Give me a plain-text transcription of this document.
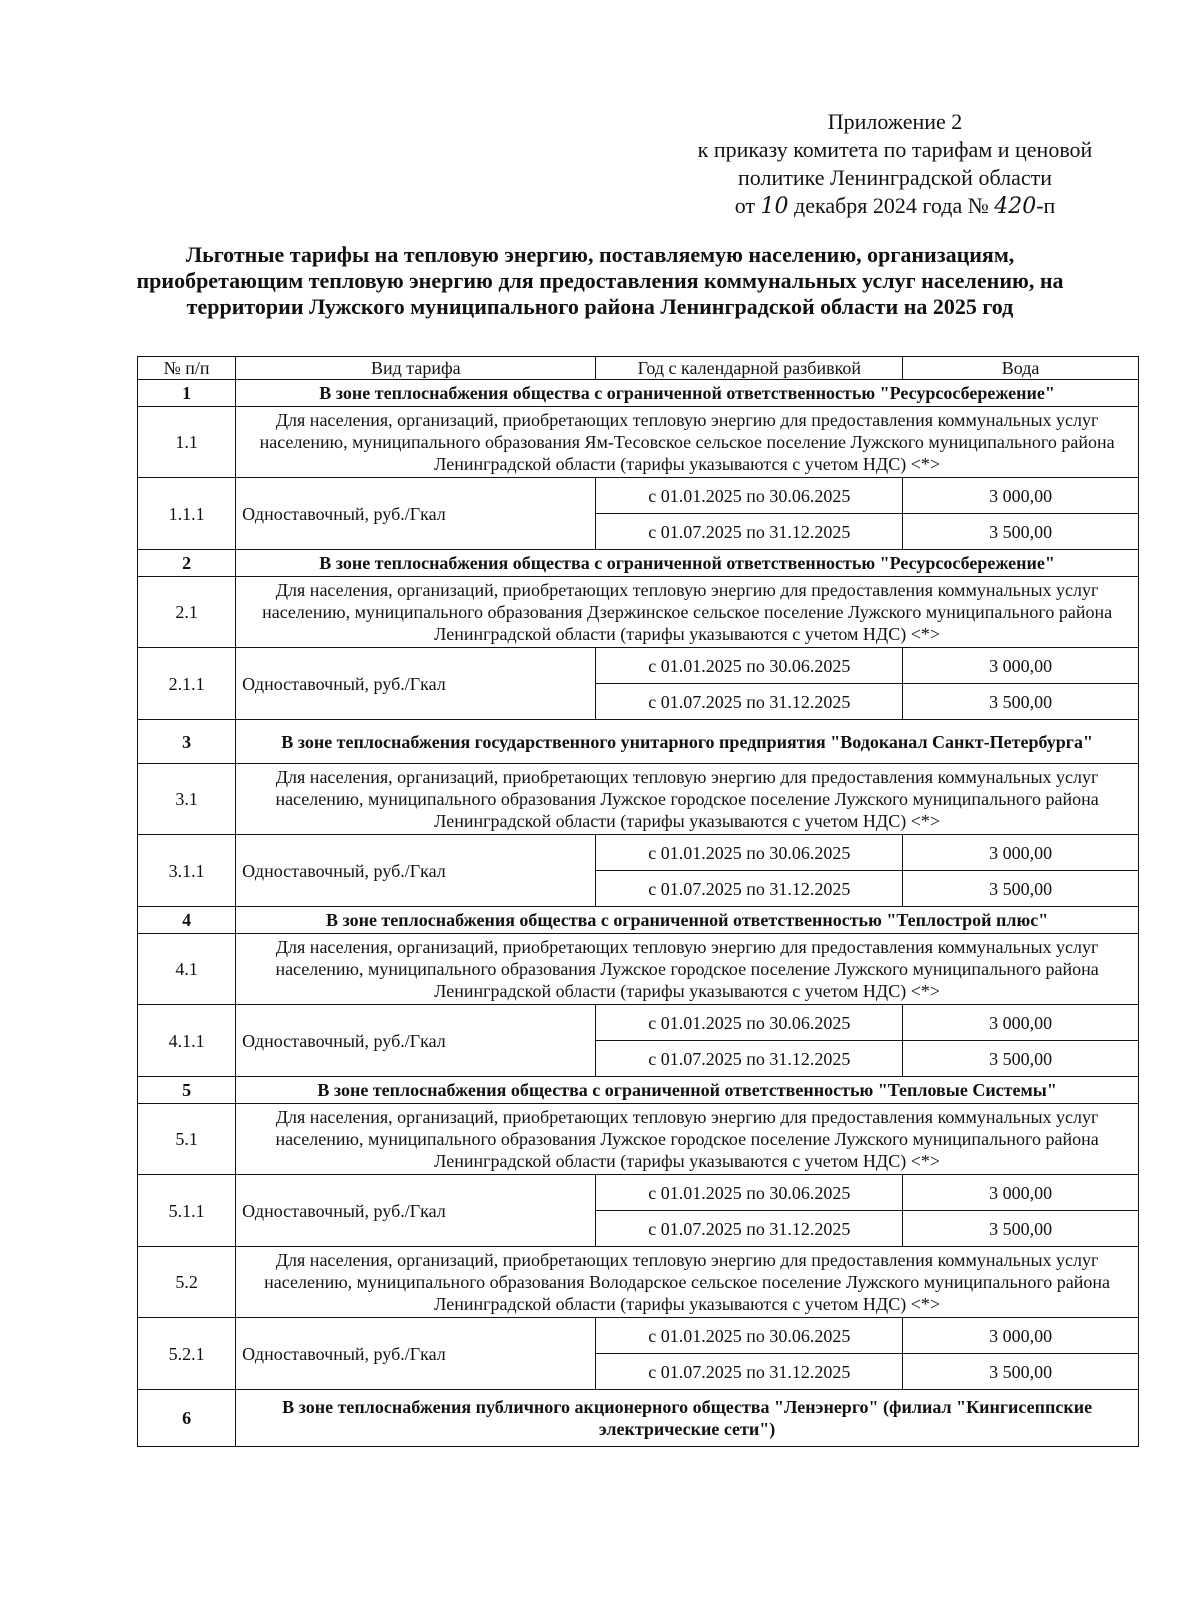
Приложение 2
к приказу комитета по тарифам и ценовой
политике Ленинградской области
от 10 декабря 2024 года № 420-п
Льготные тарифы на тепловую энергию, поставляемую населению, организациям, приобретающим тепловую энергию для предоставления коммунальных услуг населению, на территории Лужского муниципального района Ленинградской области на 2025 год
№ п/п	Вид тарифа	Год с календарной разбивкой	Вода
1	В зоне теплоснабжения общества с ограниченной ответственностью "Ресурсосбережение"		
1.1	Для населения, организаций, приобретающих тепловую энергию для предоставления коммунальных услуг населению, муниципального образования Ям-Тесовское сельское поселение Лужского муниципального района Ленинградской области (тарифы указываются с учетом НДС) <*>		
1.1.1	Одноставочный, руб./Гкал	с 01.01.2025 по 30.06.2025	3 000,00
		с 01.07.2025 по 31.12.2025	3 500,00
2	В зоне теплоснабжения общества с ограниченной ответственностью "Ресурсосбережение"		
2.1	Для населения, организаций, приобретающих тепловую энергию для предоставления коммунальных услуг населению, муниципального образования Дзержинское сельское поселение Лужского муниципального района Ленинградской области (тарифы указываются с учетом НДС) <*>		
2.1.1	Одноставочный, руб./Гкал	с 01.01.2025 по 30.06.2025	3 000,00
		с 01.07.2025 по 31.12.2025	3 500,00
3	В зоне теплоснабжения государственного унитарного предприятия "Водоканал Санкт-Петербурга"		
3.1	Для населения, организаций, приобретающих тепловую энергию для предоставления коммунальных услуг населению, муниципального образования Лужское городское поселение Лужского муниципального района Ленинградской области (тарифы указываются с учетом НДС) <*>		
3.1.1	Одноставочный, руб./Гкал	с 01.01.2025 по 30.06.2025	3 000,00
		с 01.07.2025 по 31.12.2025	3 500,00
4	В зоне теплоснабжения общества с ограниченной ответственностью "Теплострой плюс"		
4.1	Для населения, организаций, приобретающих тепловую энергию для предоставления коммунальных услуг населению, муниципального образования Лужское городское поселение Лужского муниципального района Ленинградской области (тарифы указываются с учетом НДС) <*>		
4.1.1	Одноставочный, руб./Гкал	с 01.01.2025 по 30.06.2025	3 000,00
		с 01.07.2025 по 31.12.2025	3 500,00
5	В зоне теплоснабжения общества с ограниченной ответственностью "Тепловые Системы"		
5.1	Для населения, организаций, приобретающих тепловую энергию для предоставления коммунальных услуг населению, муниципального образования Лужское городское поселение Лужского муниципального района Ленинградской области (тарифы указываются с учетом НДС) <*>		
5.1.1	Одноставочный, руб./Гкал	с 01.01.2025 по 30.06.2025	3 000,00
		с 01.07.2025 по 31.12.2025	3 500,00
5.2	Для населения, организаций, приобретающих тепловую энергию для предоставления коммунальных услуг населению, муниципального образования Володарское сельское поселение Лужского муниципального района Ленинградской области (тарифы указываются с учетом НДС) <*>		
5.2.1	Одноставочный, руб./Гкал	с 01.01.2025 по 30.06.2025	3 000,00
		с 01.07.2025 по 31.12.2025	3 500,00
6	В зоне теплоснабжения публичного акционерного общества "Ленэнерго" (филиал "Кингисеппские электрические сети")		
